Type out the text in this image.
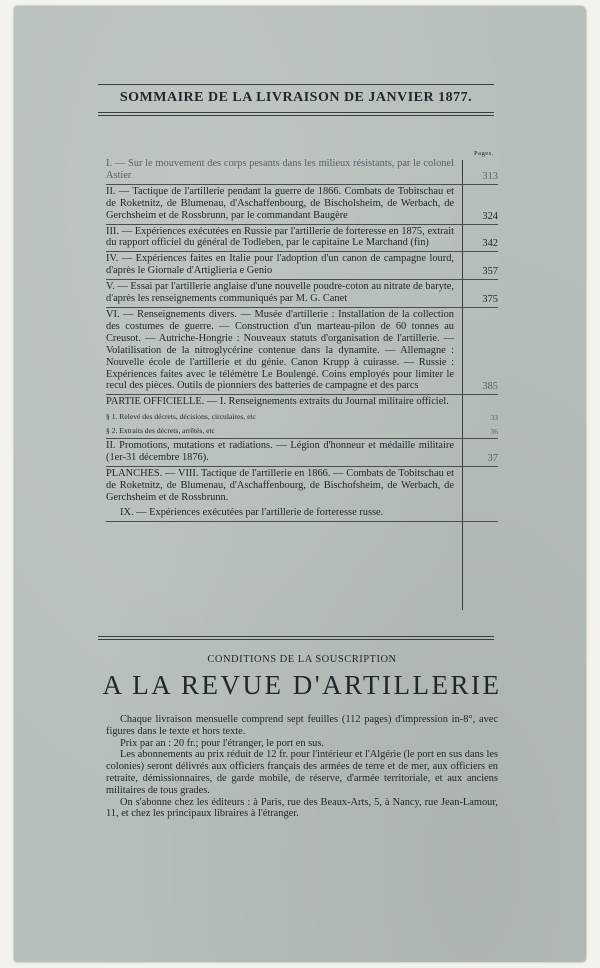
SOMMAIRE DE LA LIVRAISON DE JANVIER 1877.
Pages.
I. — Sur le mouvement des corps pesants dans les milieux résistants, par le colonel Astier	313
II. — Tactique de l'artillerie pendant la guerre de 1866. Combats de Tobitschau et de Roketnitz, de Blumenau, d'Aschaffenbourg, de Bischolsheim, de Werbach, de Gerchsheim et de Rossbrunn, par le commandant Baugère	324
III. — Expériences exécutées en Russie par l'artillerie de forteresse en 1875, extrait du rapport officiel du général de Todleben, par le capitaine Le Marchand (fin)	342
IV. — Expériences faites en Italie pour l'adoption d'un canon de campagne lourd, d'après le Giornale d'Artiglieria e Genio	357
V. — Essai par l'artillerie anglaise d'une nouvelle poudre-coton au nitrate de baryte, d'après les renseignements communiqués par M. G. Canet	375
VI. — Renseignements divers. — Musée d'artillerie : Installation de la collection des costumes de guerre. — Construction d'un marteau-pilon de 60 tonnes au Creusot. — Autriche-Hongrie : Nouveaux statuts d'organisation de l'artillerie. — Volatilisation de la nitroglycérine contenue dans la dynamite. — Allemagne : Nouvelle école de l'artillerie et du génie. Canon Krupp à cuirasse. — Russie : Expériences faites avec le télémètre Le Boulengé. Coins employés pour limiter le recul des pièces. Outils de pionniers des batteries de campagne et des parcs	385
PARTIE OFFICIELLE. — I. Renseignements extraits du Journal militaire officiel.
§ 1. Relevé des décrets, décisions, circulaires, etc	33
§ 2. Extraits des décrets, arrêtés, etc	36
II. Promotions, mutations et radiations. — Légion d'honneur et médaille militaire (1er-31 décembre 1876).	37
PLANCHES. — VIII. Tactique de l'artillerie en 1866. — Combats de Tobitschau et de Roketnitz, de Blumenau, d'Aschaffenbourg, de Bischofsheim, de Werbach, de Gerchsheim et de Rossbrunn.
IX. — Expériences exécutées par l'artillerie de forteresse russe.
CONDITIONS DE LA SOUSCRIPTION
A LA REVUE D'ARTILLERIE

Chaque livraison mensuelle comprend sept feuilles (112 pages) d'impression in-8°, avec figures dans le texte et hors texte.

Prix par an : 20 fr.; pour l'étranger, le port en sus.

Les abonnements au prix réduit de 12 fr. pour l'intérieur et l'Algérie (le port en sus dans les colonies) seront délivrés aux officiers français des armées de terre et de mer, aux officiers en retraite, démissionnaires, de garde mobile, de réserve, d'armée territoriale, et aux anciens militaires de tous grades.

On s'abonne chez les éditeurs : à Paris, rue des Beaux-Arts, 5, à Nancy, rue Jean-Lamour, 11, et chez les principaux libraires à l'étranger.
